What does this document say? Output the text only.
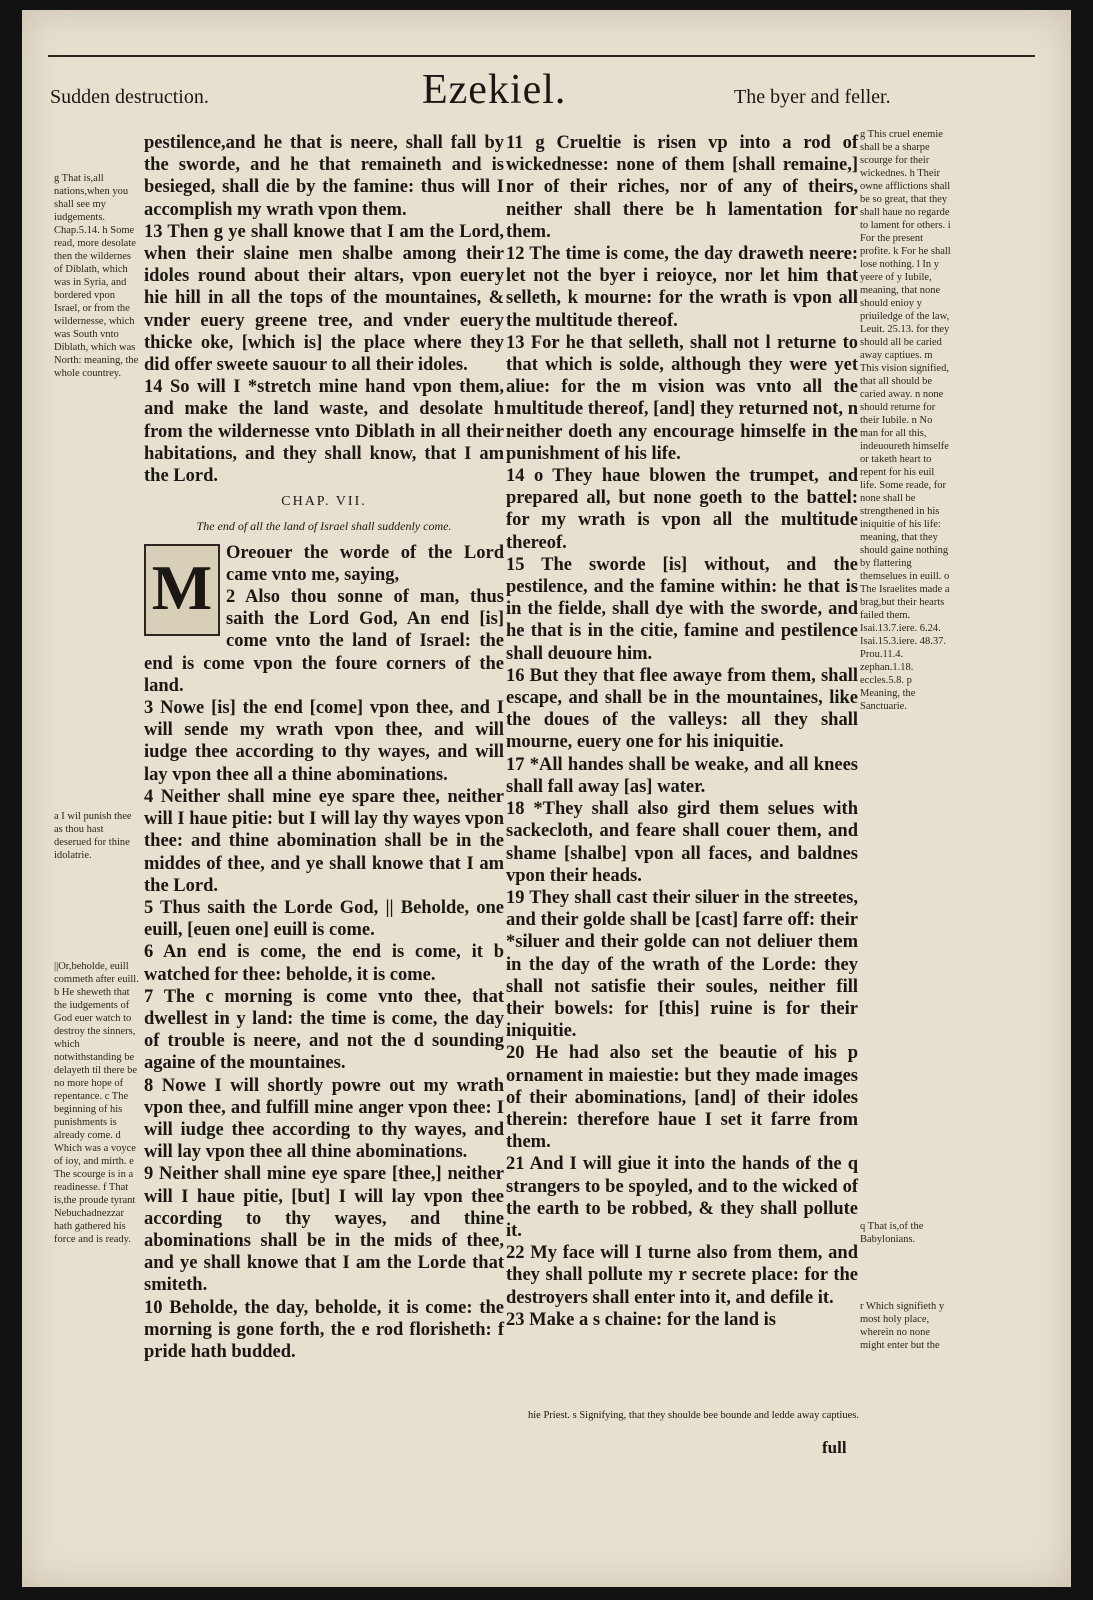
Sudden destruction.	Ezekiel.	The byer and feller.
g That is,all nations,when you shall see my iudgements. Chap.5.14. h Some read, more desolate then the wildernes of Diblath, which was in Syria, and bordered vpon Israel, or from the wildernesse, which was South vnto Diblath, which was North: meaning, the whole countrey.
a I wil punish thee as thou hast deserued for thine idolatrie.
||Or,beholde, euill commeth after euill. b He sheweth that the iudgements of God euer watch to destroy the sinners, which notwithstanding be delayeth til there be no more hope of repentance. c The beginning of his punishments is already come. d Which was a voyce of ioy, and mirth. e The scourge is in a readinesse. f That is,the proude tyrant Nebuchadnezzar hath gathered his force and is ready.

pestilence,and he that is neere, shall fall by the sworde, and he that remaineth and is besieged, shall die by the famine: thus will I accomplish my wrath vpon them.

13 Then g ye shall knowe that I am the Lord, when their slaine men shalbe among their idoles round about their altars, vpon euery hie hill in all the tops of the mountaines, & vnder euery greene tree, and vnder euery thicke oke, [which is] the place where they did offer sweete sauour to all their idoles.

14 So will I *stretch mine hand vpon them, and make the land waste, and desolate h from the wildernesse vnto Diblath in all their habitations, and they shall know, that I am the Lord.

CHAP. VII.
The end of all the land of Israel shall suddenly come.
M Oreouer the worde of the Lord came vnto me, saying,

2 Also thou sonne of man, thus saith the Lord God, An end [is] come vnto the land of Israel: the end is come vpon the foure corners of the land.

3 Nowe [is] the end [come] vpon thee, and I will sende my wrath vpon thee, and will iudge thee according to thy wayes, and will lay vpon thee all a thine abominations.

4 Neither shall mine eye spare thee, neither will I haue pitie: but I will lay thy wayes vpon thee: and thine abomination shall be in the middes of thee, and ye shall knowe that I am the Lord.

5 Thus saith the Lorde God, || Beholde, one euill, [euen one] euill is come.

6 An end is come, the end is come, it b watched for thee: beholde, it is come.

7 The c morning is come vnto thee, that dwellest in y land: the time is come, the day of trouble is neere, and not the d sounding againe of the mountaines.

8 Nowe I will shortly powre out my wrath vpon thee, and fulfill mine anger vpon thee: I will iudge thee according to thy wayes, and will lay vpon thee all thine abominations.

9 Neither shall mine eye spare [thee,] neither will I haue pitie, [but] I will lay vpon thee according to thy wayes, and thine abominations shall be in the mids of thee, and ye shall knowe that I am the Lorde that smiteth.

10 Beholde, the day, beholde, it is come: the morning is gone forth, the e rod florisheth: f pride hath budded.

11 g Crueltie is risen vp into a rod of wickednesse: none of them [shall remaine,] nor of their riches, nor of any of theirs, neither shall there be h lamentation for them.

12 The time is come, the day draweth neere: let not the byer i reioyce, nor let him that selleth, k mourne: for the wrath is vpon all the multitude thereof.

13 For he that selleth, shall not l returne to that which is solde, although they were yet aliue: for the m vision was vnto all the multitude thereof, [and] they returned not, n neither doeth any encourage himselfe in the punishment of his life.

14 o They haue blowen the trumpet, and prepared all, but none goeth to the battel: for my wrath is vpon all the multitude thereof.

15 The sworde [is] without, and the pestilence, and the famine within: he that is in the fielde, shall dye with the sworde, and he that is in the citie, famine and pestilence shall deuoure him.

16 But they that flee awaye from them, shall escape, and shall be in the mountaines, like the doues of the valleys: all they shall mourne, euery one for his iniquitie.

17 *All handes shall be weake, and all knees shall fall away [as] water.

18 *They shall also gird them selues with sackecloth, and feare shall couer them, and shame [shalbe] vpon all faces, and baldnes vpon their heads.

19 They shall cast their siluer in the streetes, and their golde shall be [cast] farre off: their *siluer and their golde can not deliuer them in the day of the wrath of the Lorde: they shall not satisfie their soules, neither fill their bowels: for [this] ruine is for their iniquitie.

20 He had also set the beautie of his p ornament in maiestie: but they made images of their abominations, [and] of their idoles therein: therefore haue I set it farre from them.

21 And I will giue it into the hands of the q strangers to be spoyled, and to the wicked of the earth to be robbed, & they shall pollute it.

22 My face will I turne also from them, and they shall pollute my r secrete place: for the destroyers shall enter into it, and defile it.

23 Make a s chaine: for the land is

g This cruel enemie shall be a sharpe scourge for their wickednes. h Their owne afflictions shall be so great, that they shall haue no regarde to lament for others. i For the present profite. k For he shall lose nothing. l In y yeere of y Iubile, meaning, that none should enioy y priuiledge of the law, Leuit. 25.13. for they should all be caried away captiues. m This vision signified, that all should be caried away. n none should returne for their Iubile. n No man for all this, indeuoureth himselfe or taketh heart to repent for his euil life. Some reade, for none shall be strengthened in his iniquitie of his life: meaning, that they should gaine nothing by flattering themselues in euill. o The Israelites made a brag,but their hearts failed them. Isai.13.7.iere. 6.24. Isai.15.3.iere. 48.37. Prou.11.4. zephan.1.18. eccles.5.8. p Meaning, the Sanctuarie.
q That is,of the Babylonians.
r Which signifieth y most holy place, wherein no none might enter but the
hie Priest. s Signifying, that they shoulde bee bounde and ledde away captiues.
full
